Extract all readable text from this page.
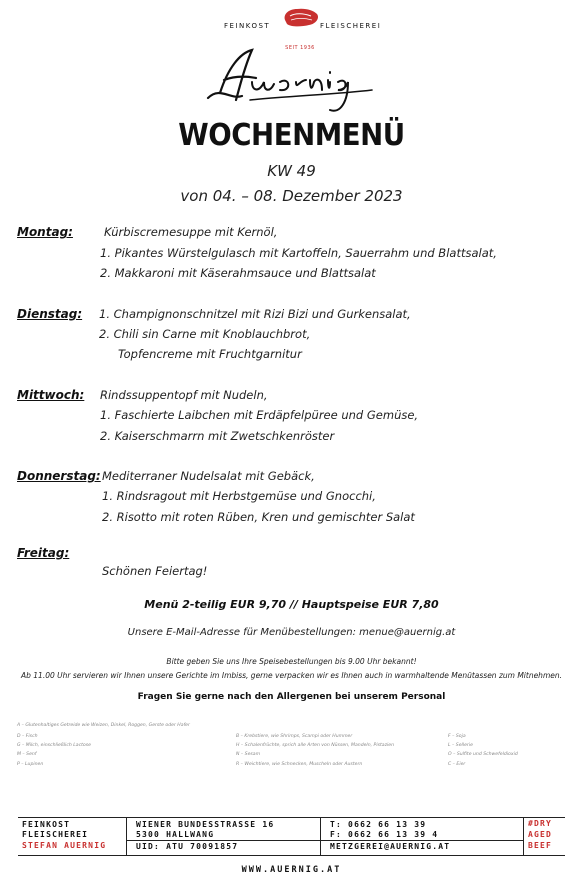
FEINKOST	FLEISCHEREI
SEIT 1936
WOCHENMENÜ
KW 49
von 04. – 08. Dezember 2023
Montag:	Kürbiscremesuppe mit Kernöl,
1. Pikantes Würstelgulasch mit Kartoffeln, Sauerrahm und Blattsalat,
2. Makkaroni mit Käserahmsauce und Blattsalat
Dienstag: 1. Champignonschnitzel mit Rizi Bizi und Gurkensalat,
2. Chili sin Carne mit Knoblauchbrot,
Topfencreme mit Fruchtgarnitur
Mittwoch: Rindssuppentopf mit Nudeln,
1. Faschierte Laibchen mit Erdäpfelpüree und Gemüse,
2. Kaiserschmarrn mit Zwetschkenröster
Donnerstag: Mediterraner Nudelsalat mit Gebäck,
1. Rindsragout mit Herbstgemüse und Gnocchi,
2. Risotto mit roten Rüben, Kren und gemischter Salat
Freitag:
Schönen Feiertag!
Menü 2-teilig EUR 9,70 // Hauptspeise EUR 7,80
Unsere E-Mail-Adresse für Menübestellungen: menue@auernig.at
Bitte geben Sie uns Ihre Speisebestellungen bis 9.00 Uhr bekannt!
Ab 11.00 Uhr servieren wir Ihnen unsere Gerichte im Imbiss, gerne verpacken wir es Ihnen auch in warmhaltende Menütassen zum Mitnehmen.
Fragen Sie gerne nach den Allergenen bei unserem Personal
A – Glutenhaltiges Getreide wie Weizen, Dinkel, Roggen, Gerste oder Hafer
D – Fisch
G – Milch, einschließlich Lactose
M – Senf
P – Lupinen
B – Krebstiere, wie Shrimps, Scampi oder Hummer
H – Schalenfrüchte, sprich alle Arten von Nüssen, Mandeln, Pistazien
N – Sesam
R – Weichtiere, wie Schnecken, Muscheln oder Austern
F – Soja
L – Sellerie
O – Sulfite und Schwefeldioxid
C – Eier
FEINKOST
FLEISCHEREI
STEFAN AUERNIG
WIENER BUNDESSTRASSE 16
5300 HALLWANG
UID: ATU 70091857
T: 0662 66 13 39
F: 0662 66 13 39 4
METZGEREI@AUERNIG.AT
#DRY
AGED
BEEF
WWW.AUERNIG.AT
